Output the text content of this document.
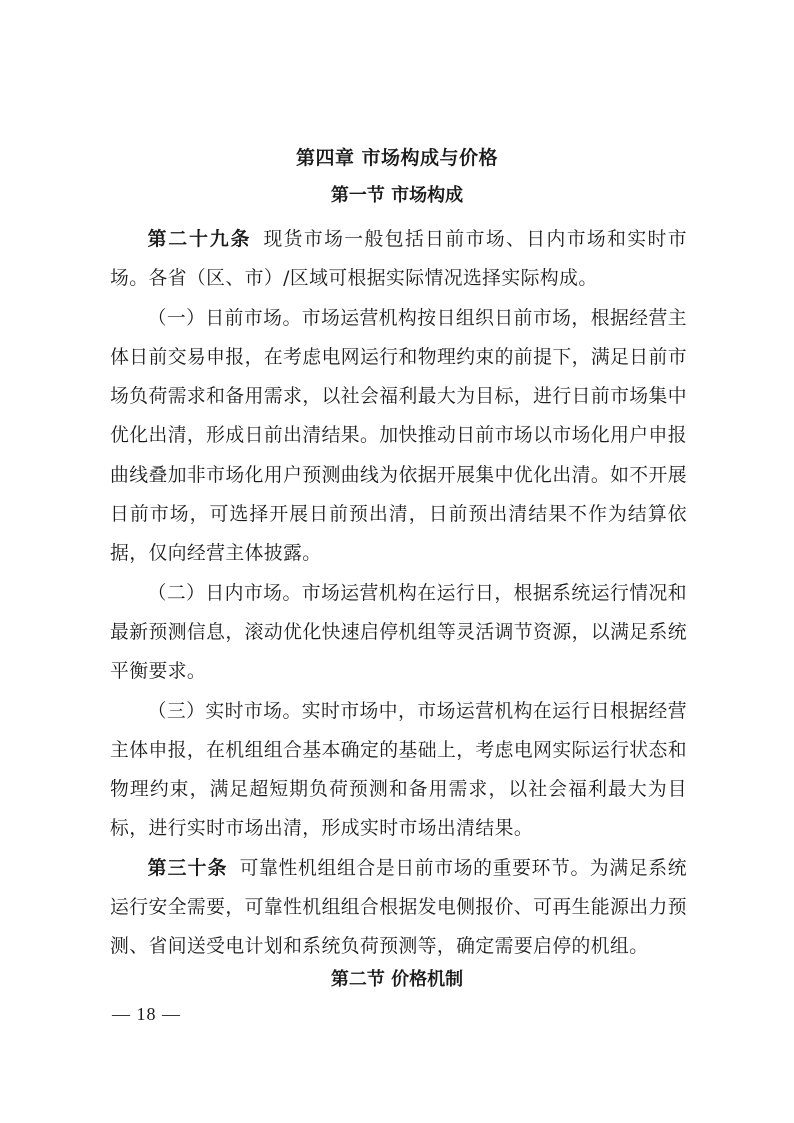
第四章 市场构成与价格
第一节 市场构成

第二十九条 现货市场一般包括日前市场、日内市场和实时市场。各省（区、市）/区域可根据实际情况选择实际构成。

（一）日前市场。市场运营机构按日组织日前市场，根据经营主体日前交易申报，在考虑电网运行和物理约束的前提下，满足日前市场负荷需求和备用需求，以社会福利最大为目标，进行日前市场集中优化出清，形成日前出清结果。加快推动日前市场以市场化用户申报曲线叠加非市场化用户预测曲线为依据开展集中优化出清。如不开展日前市场，可选择开展日前预出清，日前预出清结果不作为结算依据，仅向经营主体披露。

（二）日内市场。市场运营机构在运行日，根据系统运行情况和最新预测信息，滚动优化快速启停机组等灵活调节资源，以满足系统平衡要求。

（三）实时市场。实时市场中，市场运营机构在运行日根据经营主体申报，在机组组合基本确定的基础上，考虑电网实际运行状态和物理约束，满足超短期负荷预测和备用需求，以社会福利最大为目标，进行实时市场出清，形成实时市场出清结果。

第三十条 可靠性机组组合是日前市场的重要环节。为满足系统运行安全需要，可靠性机组组合根据发电侧报价、可再生能源出力预测、省间送受电计划和系统负荷预测等，确定需要启停的机组。

第二节 价格机制
— 18 —
